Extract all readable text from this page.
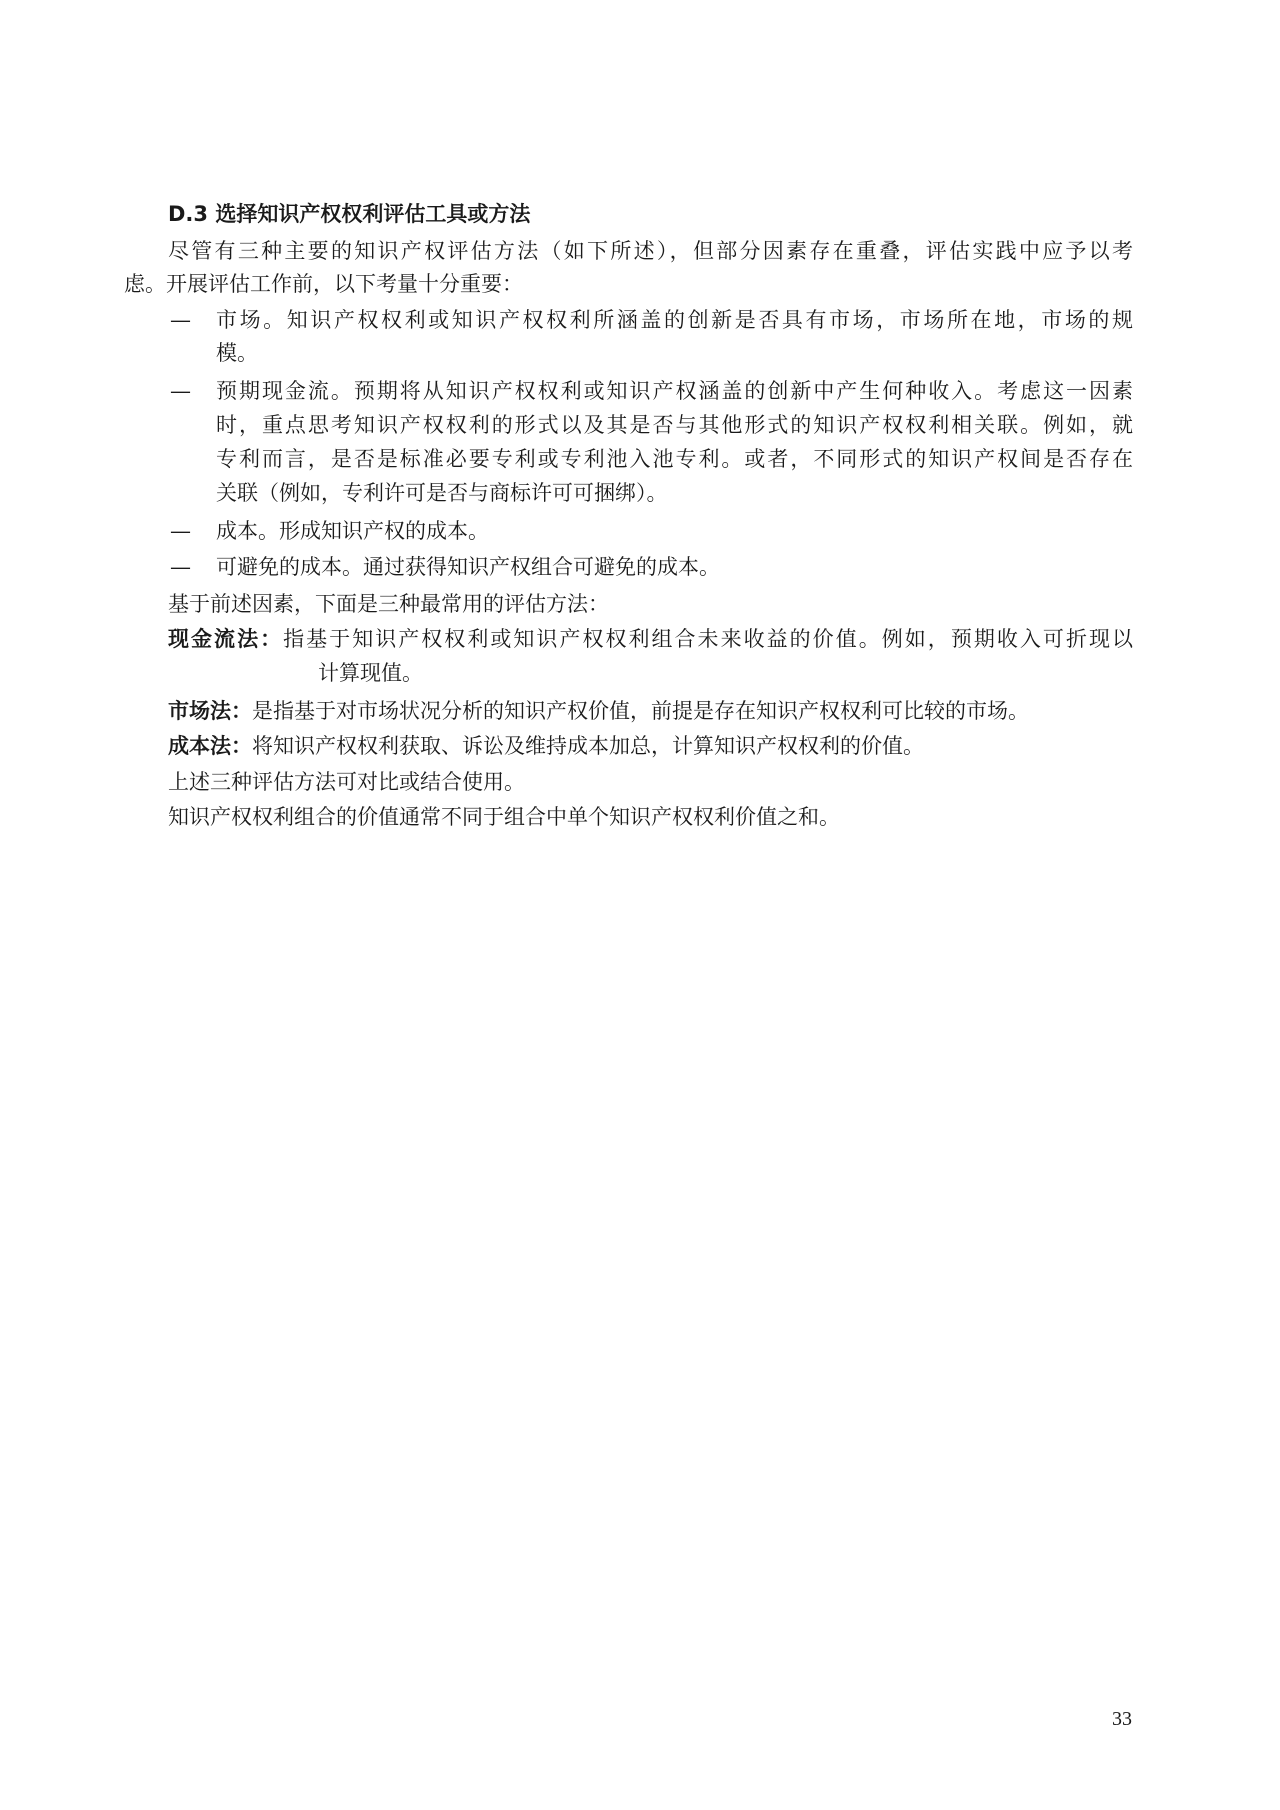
D.3 选择知识产权权利评估工具或方法
尽管有三种主要的知识产权评估方法（如下所述），但部分因素存在重叠，评估实践中应予以考
虑。开展评估工作前，以下考量十分重要：
— 市场。知识产权权利或知识产权权利所涵盖的创新是否具有市场，市场所在地，市场的规
模。
— 预期现金流。预期将从知识产权权利或知识产权涵盖的创新中产生何种收入。考虑这一因素
时，重点思考知识产权权利的形式以及其是否与其他形式的知识产权权利相关联。例如，就
专利而言，是否是标准必要专利或专利池入池专利。或者，不同形式的知识产权间是否存在
关联（例如，专利许可是否与商标许可可捆绑）。
— 成本。形成知识产权的成本。
— 可避免的成本。通过获得知识产权组合可避免的成本。
基于前述因素，下面是三种最常用的评估方法：
现金流法：指基于知识产权权利或知识产权权利组合未来收益的价值。例如，预期收入可折现以
计算现值。
市场法：是指基于对市场状况分析的知识产权价值，前提是存在知识产权权利可比较的市场。
成本法：将知识产权权利获取、诉讼及维持成本加总，计算知识产权权利的价值。
上述三种评估方法可对比或结合使用。
知识产权权利组合的价值通常不同于组合中单个知识产权权利价值之和。
33
